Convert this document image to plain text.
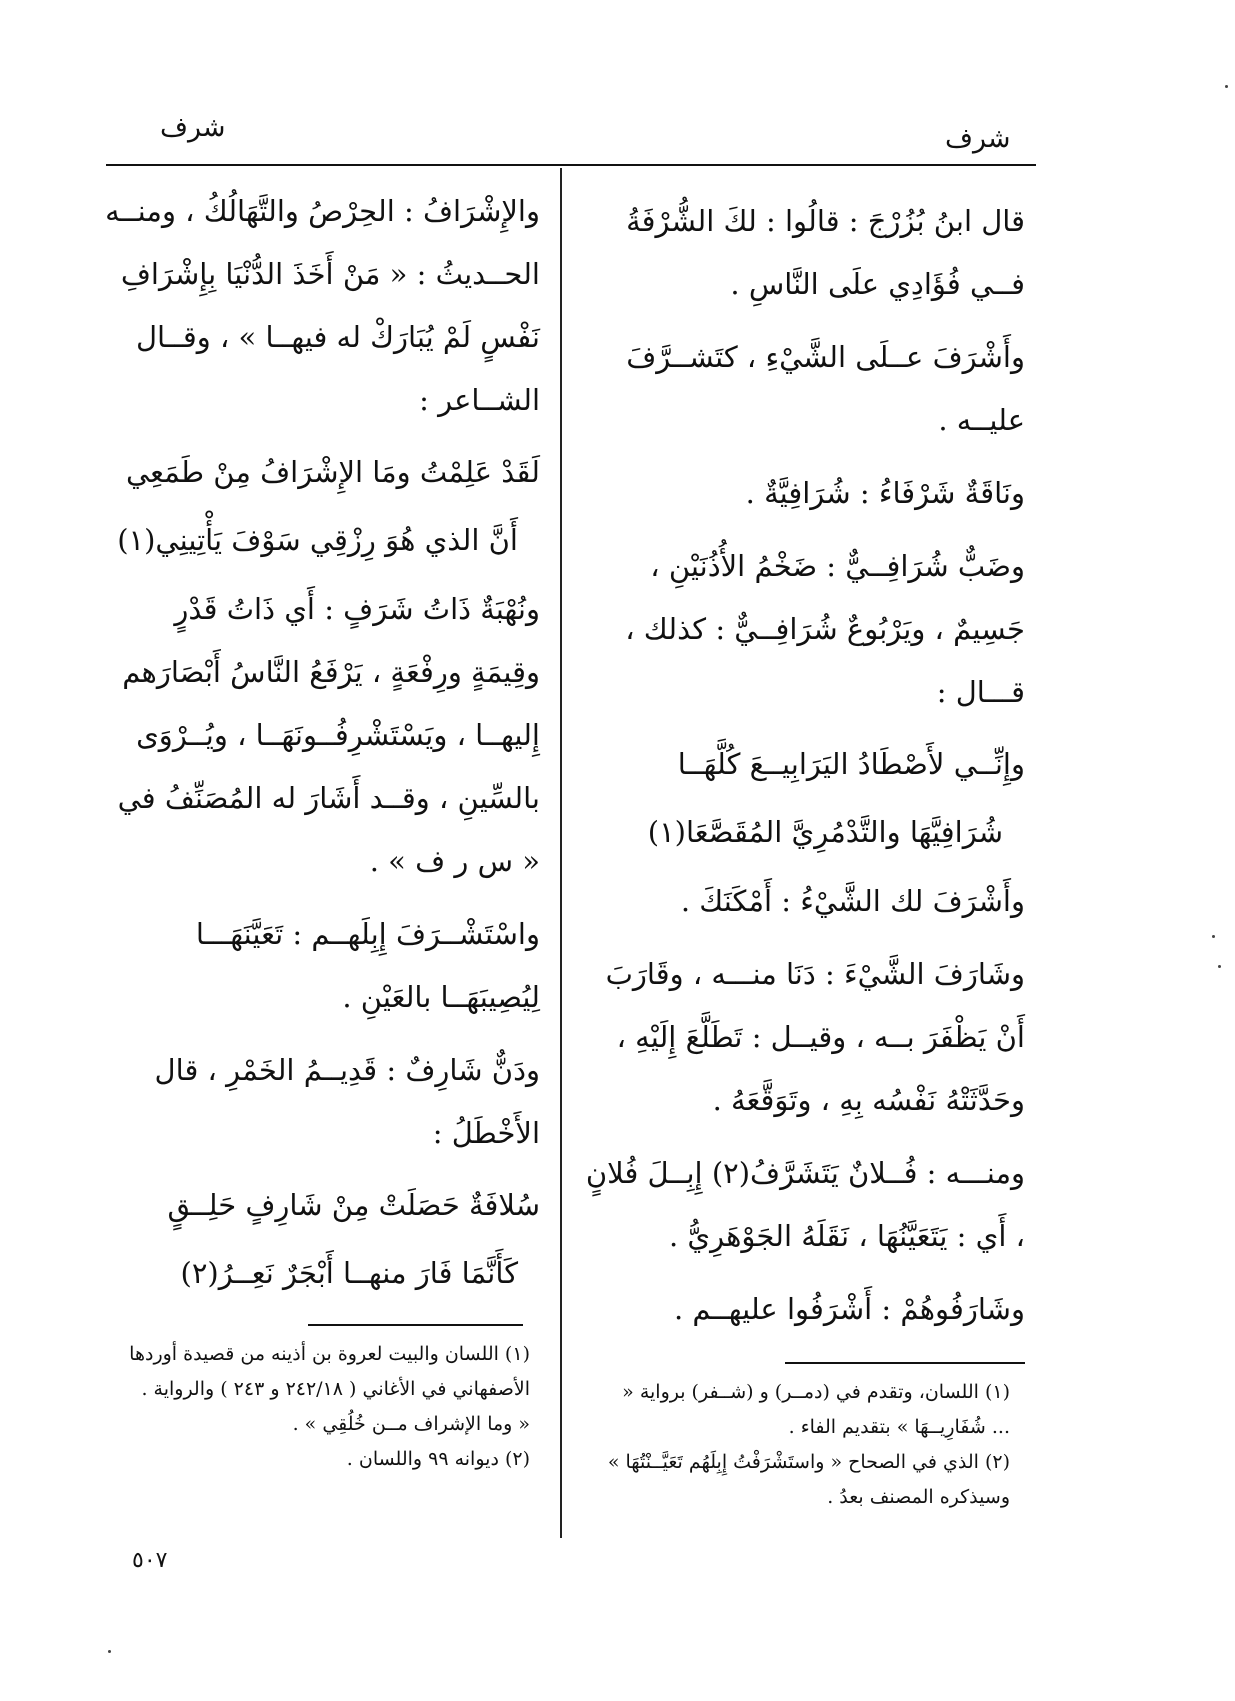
شرف	شرف

قال ابنُ بُزُرْجَ : قالُوا : لكَ الشُّرْفَةُ فــي فُؤَادِي علَى النَّاسِ .

وأَشْرَفَ عــلَى الشَّيْءِ ، كتَشــرَّفَ عليــه .

ونَاقَةٌ شَرْفَاءُ : شُرَافِيَّةٌ .

وضَبٌّ شُرَافِــيٌّ : ضَخْمُ الأُذُنَيْنِ ، جَسِيمٌ ، ويَرْبُوعٌ شُرَافِــيٌّ : كذلك ، قـــال :

وإِنِّــي لأَصْطَادُ اليَرَابِيــعَ كُلَّهَــا

شُرَافِيَّهَا والتَّدْمُرِيَّ المُقَصَّعَا(١)

وأَشْرَفَ لك الشَّيْءُ : أَمْكَنَكَ .

وشَارَفَ الشَّيْءَ : دَنَا منـــه ، وقَارَبَ أَنْ يَظْفَرَ بــه ، وقيــل : تَطَلَّعَ إِلَيْهِ ، وحَدَّثَتْهُ نَفْسُه بِهِ ، وتَوَقَّعَهُ .

ومنـــه : فُــلانٌ يَتَشَرَّفُ(٢) إِبِــلَ فُلانٍ ، أَي : يَتَعَيَّنُهَا ، نَقَلَهُ الجَوْهَرِيُّ .

وشَارَفُوهُمْ : أَشْرَفُوا عليهــم .

والإِشْرَافُ : الحِرْصُ والتَّهَالُكُ ، ومنــه الحــديثُ : « مَنْ أَخَذَ الدُّنْيَا بِإِشْرَافِ نَفْسٍ لَمْ يُبَارَكْ له فيهــا » ، وقــال الشــاعر :

لَقَدْ عَلِمْتُ ومَا الإِشْرَافُ مِنْ طَمَعِي

أَنَّ الذي هُوَ رِزْقِي سَوْفَ يَأْتِينِي(١)

ونُهْبَةٌ ذَاتُ شَرَفٍ : أَي ذَاتُ قَدْرٍ وقِيمَةٍ ورِفْعَةٍ ، يَرْفَعُ النَّاسُ أَبْصَارَهم إِليهــا ، ويَسْتَشْرِفُــونَهَــا ، ويُــرْوَى بالسِّينِ ، وقــد أَشَارَ له المُصَنِّفُ في « س ر ف » .

واسْتَشْــرَفَ إِبِلَهــم : تَعَيَّنَهَـــا لِيُصِيبَهَــا بالعَيْنِ .

ودَنٌّ شَارِفٌ : قَدِيــمُ الخَمْرِ ، قال الأَخْطَلُ :

سُلافَةٌ حَصَلَتْ مِنْ شَارِفٍ حَلِــقٍ

كَأَنَّمَا فَارَ منهــا أَبْجَرٌ نَعِــرُ(٢)

(١) اللسان، وتقدم في (دمــر) و (شــفر) برواية « ... شُفَارِيــهَا » بتقديم الفاء .

(٢) الذي في الصحاح « واستَشْرَفْتُ إِبِلَهُم تَعَيَّــنْتُهَا » وسيذكره المصنف بعدُ .

(١) اللسان والبيت لعروة بن أذينه من قصيدة أوردها الأصفهاني في الأغاني ( ٢٤٢/١٨ و ٢٤٣ ) والرواية .

« وما الإشراف مــن خُلُقِي » .

(٢) ديوانه ٩٩ واللسان .

٥٠٧
